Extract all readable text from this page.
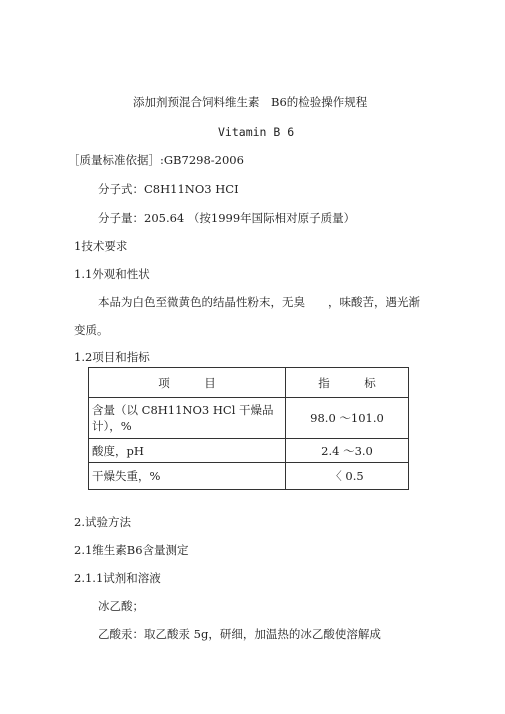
添加剂预混合饲料维生素　B6的检验操作规程
Vitamin B 6
［质量标准依据］:GB7298-2006
分子式：C8H11NO3 HCI
分子量：205.64 （按1999年国际相对原子质量）
1技术要求
1.1外观和性状
本品为白色至微黄色的结晶性粉末，无臭　　，味酸苦，遇光渐
变质。
1.2项目和指标
项　　　目	指　　　标

含量（以 C8H11NO3 HCl 干燥品
计），%	98.0 ～101.0
酸度，pH	2.4 ～3.0
干燥失重，%	〈 0.5
2.试验方法
2.1维生素B6含量测定
2.1.1试剂和溶液
冰乙酸；
乙酸汞：取乙酸汞 5g，研细，加温热的冰乙酸使溶解成
